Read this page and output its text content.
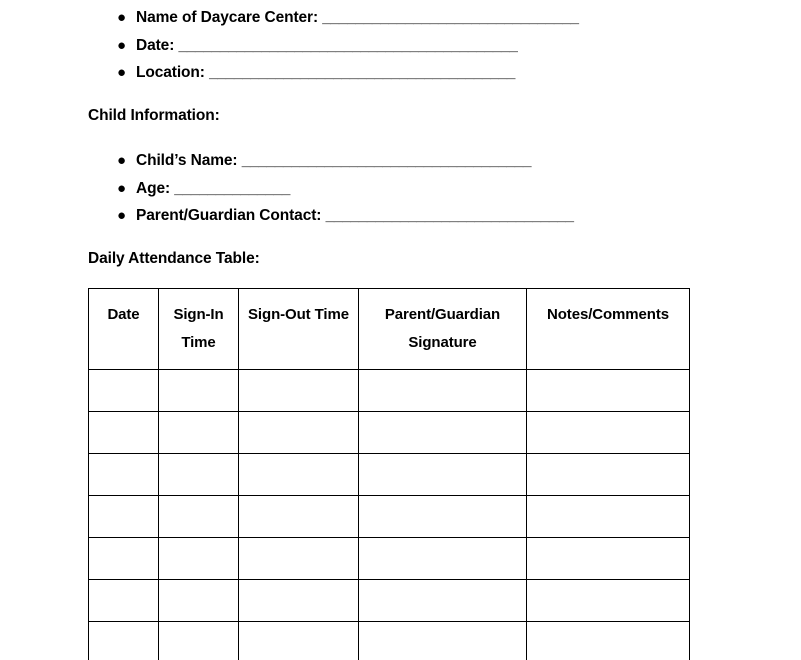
● Name of Daycare Center: _______________________________
● Date: _________________________________________
● Location: _____________________________________
Child Information:
● Child’s Name: ___________________________________
● Age: ______________
● Parent/Guardian Contact: ______________________________
Daily Attendance Table:
Date	Sign-In Time	Sign-Out Time	Parent/Guardian Signature	Notes/Comments
